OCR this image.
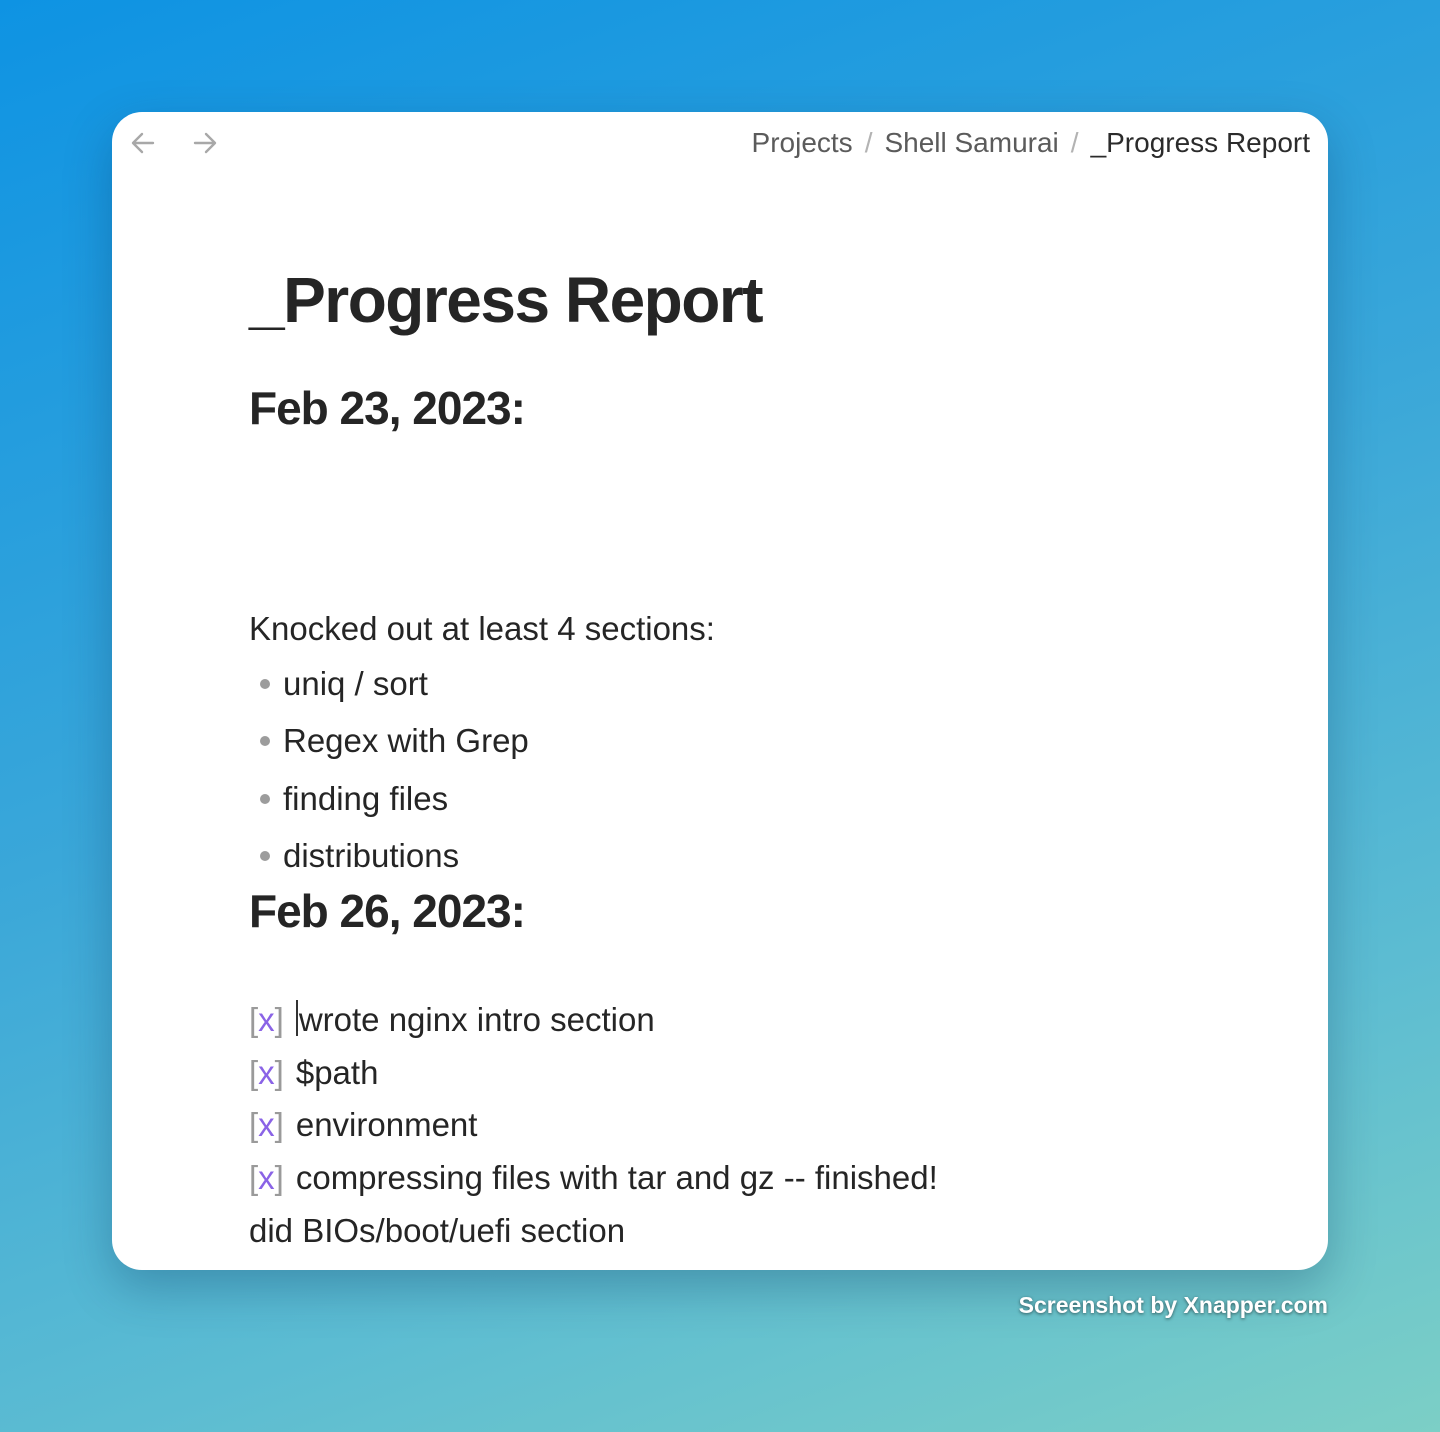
Projects / Shell Samurai / _Progress Report
_Progress Report
Feb 23, 2023:
Knocked out at least 4 sections:
uniq / sort
Regex with Grep
finding files
distributions
Feb 26, 2023:
[x] wrote nginx intro section
[x] $path
[x] environment
[x] compressing files with tar and gz -- finished!
did BIOs/boot/uefi section
Screenshot by Xnapper.com
